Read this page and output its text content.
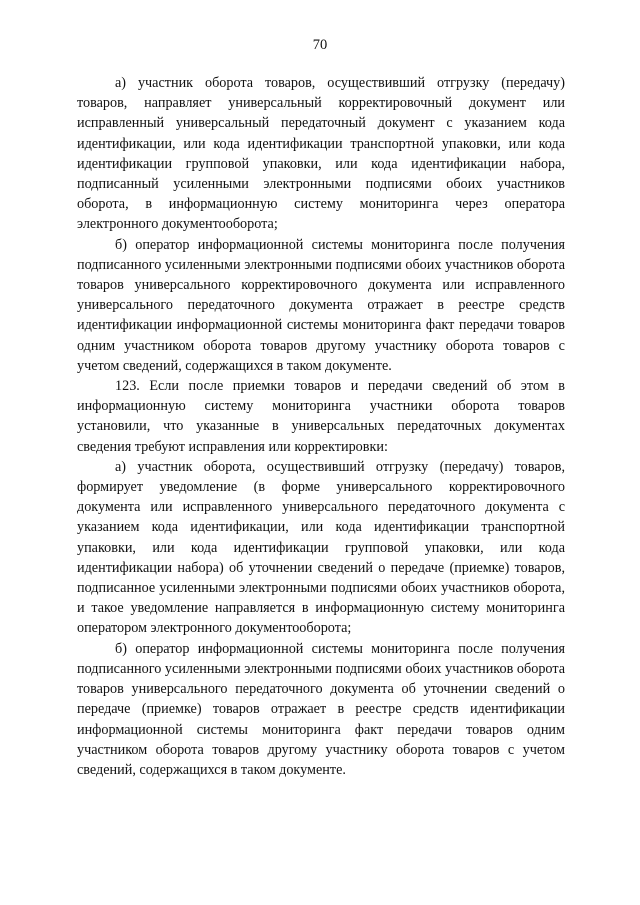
70

а) участник оборота товаров, осуществивший отгрузку (передачу) товаров, направляет универсальный корректировочный документ или исправленный универсальный передаточный документ с указанием кода идентификации, или кода идентификации транспортной упаковки, или кода идентификации групповой упаковки, или кода идентификации набора, подписанный усиленными электронными подписями обоих участников оборота, в информационную систему мониторинга через оператора электронного документооборота;

б) оператор информационной системы мониторинга после получения подписанного усиленными электронными подписями обоих участников оборота товаров универсального корректировочного документа или исправленного универсального передаточного документа отражает в реестре средств идентификации информационной системы мониторинга факт передачи товаров одним участником оборота товаров другому участнику оборота товаров с учетом сведений, содержащихся в таком документе.

123. Если после приемки товаров и передачи сведений об этом в информационную систему мониторинга участники оборота товаров установили, что указанные в универсальных передаточных документах сведения требуют исправления или корректировки:

а) участник оборота, осуществивший отгрузку (передачу) товаров, формирует уведомление (в форме универсального корректировочного документа или исправленного универсального передаточного документа с указанием кода идентификации, или кода идентификации транспортной упаковки, или кода идентификации групповой упаковки, или кода идентификации набора) об уточнении сведений о передаче (приемке) товаров, подписанное усиленными электронными подписями обоих участников оборота, и такое уведомление направляется в информационную систему мониторинга оператором электронного документооборота;

б) оператор информационной системы мониторинга после получения подписанного усиленными электронными подписями обоих участников оборота товаров универсального передаточного документа об уточнении сведений о передаче (приемке) товаров отражает в реестре средств идентификации информационной системы мониторинга факт передачи товаров одним участником оборота товаров другому участнику оборота товаров с учетом сведений, содержащихся в таком документе.
